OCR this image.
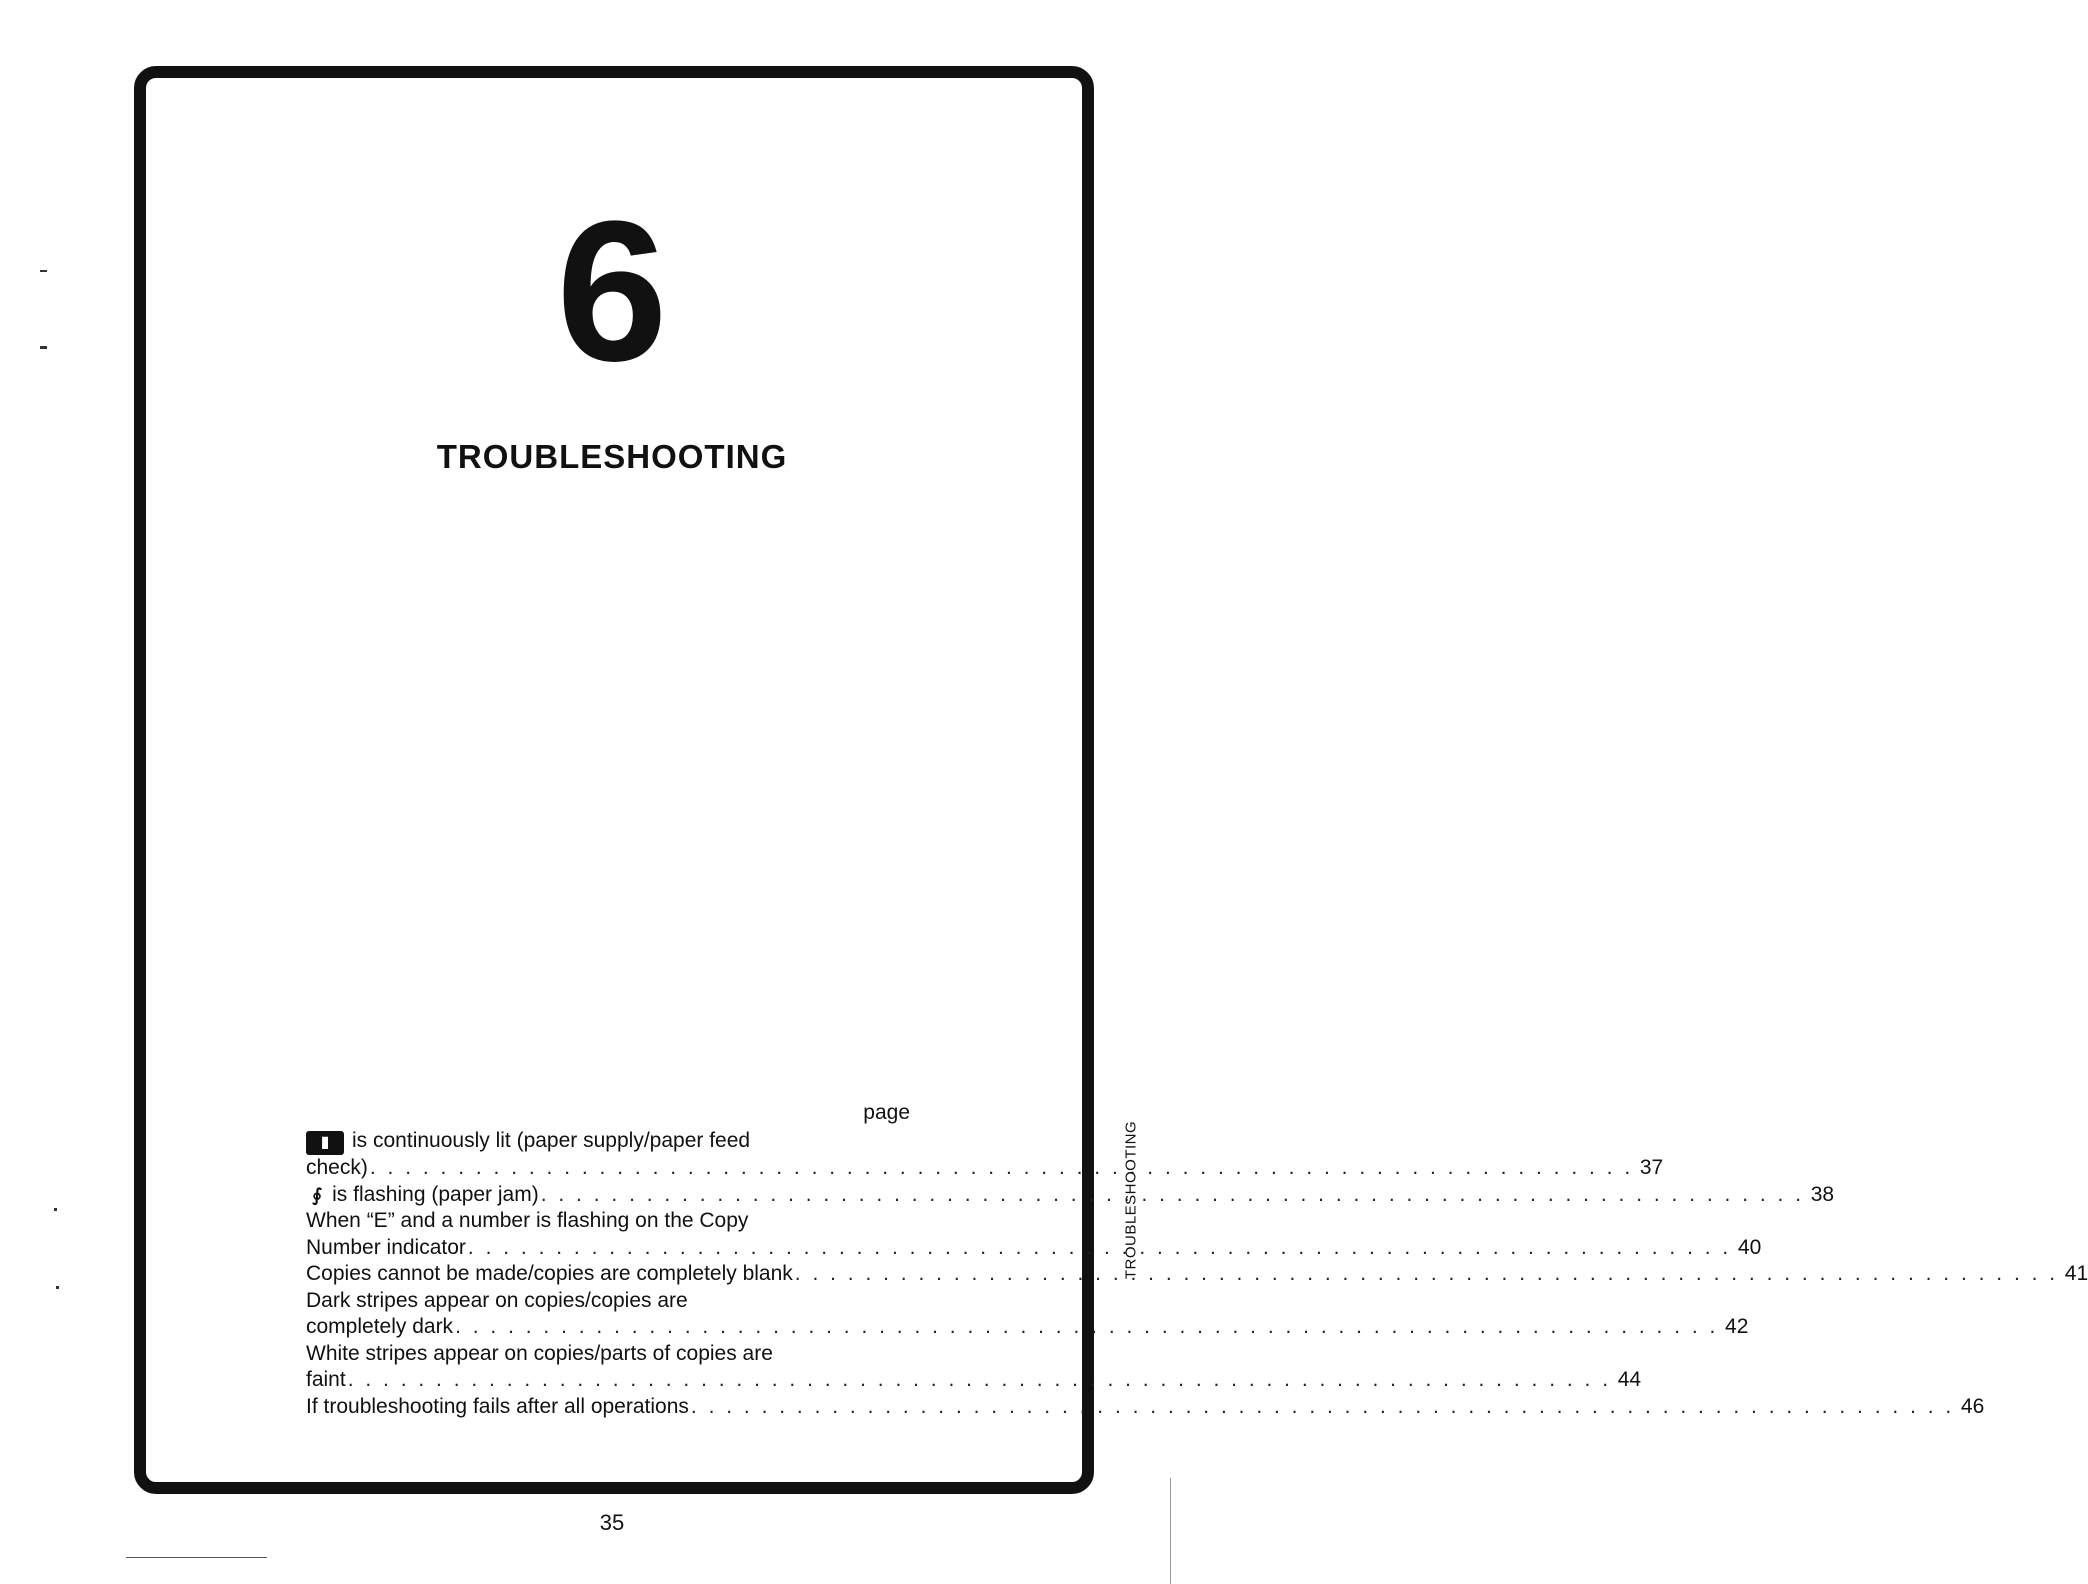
6
TROUBLESHOOTING
page
▮	is continuously lit (paper supply/paper feed
check) . . . . . . . . . . . . . . . . . . . . . . . . . . . . . . . . . . . . . . . . . . . . . . . . . . . . . . . . . . . . . . . . . . . . . . . . 37
∮ is flashing (paper jam) . . . . . . . . . . . . . . . . . . . . . . . . . . . . . . . . . . . . . . . . . . . . . . . . . . . . . . . . . . . . . . . . . . . . . . . . 38
When “E” and a number is flashing on the Copy
Number indicator . . . . . . . . . . . . . . . . . . . . . . . . . . . . . . . . . . . . . . . . . . . . . . . . . . . . . . . . . . . . . . . . . . . . . . . . 40
Copies cannot be made/copies are completely blank . . . . . . . . . . . . . . . . . . . . . . . . . . . . . . . . . . . . . . . . . . . . . . . . . . . . . . . . . . . . . . . . . . . . . . . . 41
Dark stripes appear on copies/copies are
completely dark . . . . . . . . . . . . . . . . . . . . . . . . . . . . . . . . . . . . . . . . . . . . . . . . . . . . . . . . . . . . . . . . . . . . . . . . 42
White stripes appear on copies/parts of copies are
faint . . . . . . . . . . . . . . . . . . . . . . . . . . . . . . . . . . . . . . . . . . . . . . . . . . . . . . . . . . . . . . . . . . . . . . . . 44
If troubleshooting fails after all operations . . . . . . . . . . . . . . . . . . . . . . . . . . . . . . . . . . . . . . . . . . . . . . . . . . . . . . . . . . . . . . . . . . . . . . . . 46
TROUBLESHOOTING
35
